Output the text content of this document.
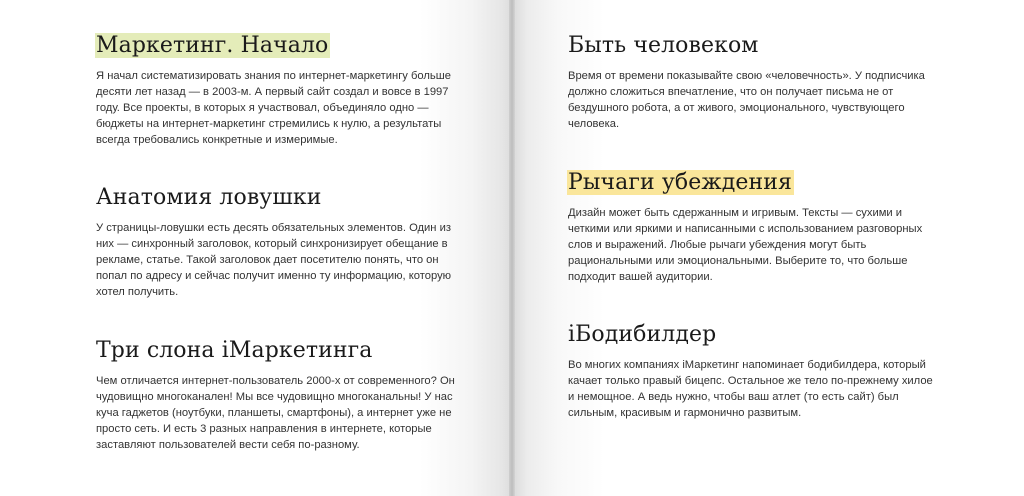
Маркетинг. Начало

Я начал систематизировать знания по интернет-маркетингу больше десяти лет назад — в 2003-м. А первый сайт создал и вовсе в 1997 году. Все проекты, в которых я участвовал, объединяло одно — бюджеты на интернет-маркетинг стремились к нулю, а результаты всегда требовались конкретные и измеримые.

Анатомия ловушки

У страницы-ловушки есть десять обязательных элементов. Один из них — синхронный заголовок, который синхронизирует обещание в рекламе, статье. Такой заголовок дает посетителю понять, что он попал по адресу и сейчас получит именно ту информацию, которую хотел получить.

Три слона iМаркетинга

Чем отличается интернет-пользователь 2000-х от современного? Он чудовищно многоканален! Мы все чудовищно многоканальны! У нас куча гаджетов (ноутбуки, планшеты, смартфоны), а интернет уже не просто сеть. И есть 3 разных направления в интернете, которые заставляют пользователей вести себя по-разному.

Быть человеком

Время от времени показывайте свою «человечность». У подписчика должно сложиться впечатление, что он получает письма не от бездушного робота, а от живого, эмоционального, чувствующего человека.

Рычаги убеждения

Дизайн может быть сдержанным и игривым. Тексты — сухими и четкими или яркими и написанными с использованием разговорных слов и выражений. Любые рычаги убеждения могут быть рациональными или эмоциональными. Выберите то, что больше подходит вашей аудитории.

iБодибилдер

Во многих компаниях iМаркетинг напоминает бодибилдера, который качает только правый бицепс. Остальное же тело по-прежнему хилое и немощное. А ведь нужно, чтобы ваш атлет (то есть сайт) был сильным, красивым и гармонично развитым.
